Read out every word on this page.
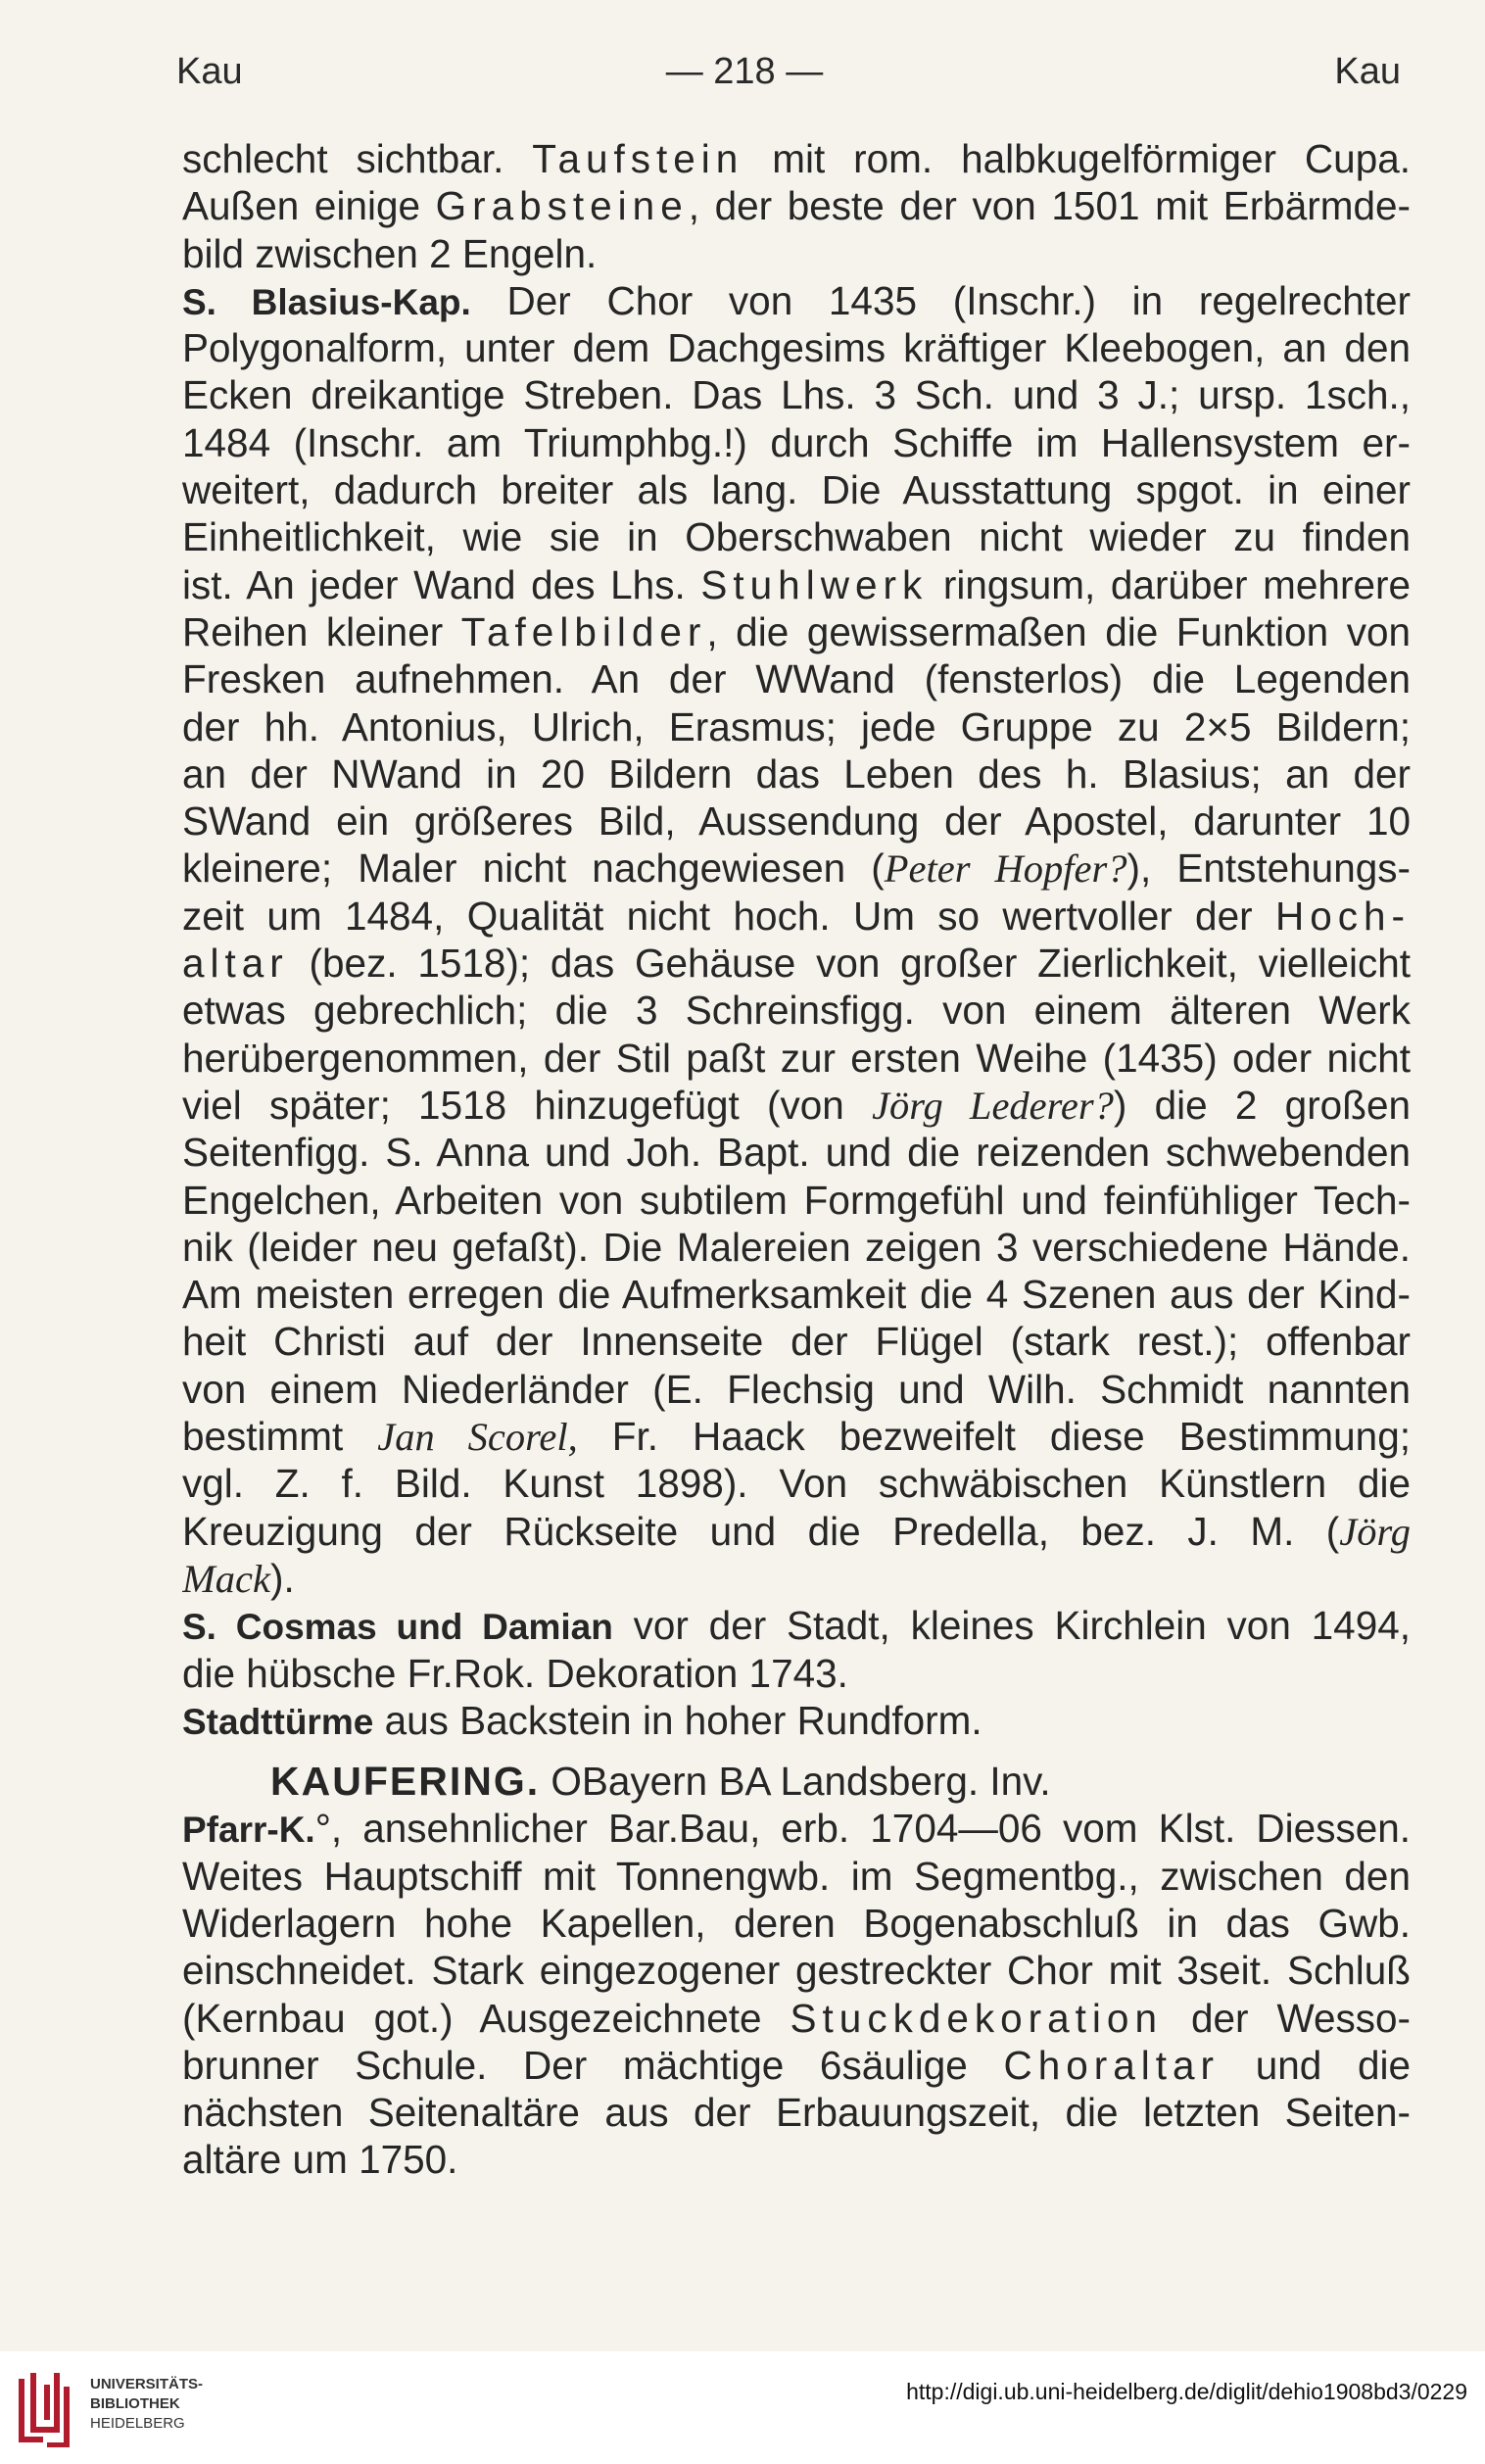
Kau	— 218 —	Kau
schlecht sichtbar. Taufstein mit rom. halbkugelförmiger Cupa.
Außen einige Grabsteine, der beste der von 1501 mit Erbärmde-
bild zwischen 2 Engeln.
S. Blasius-Kap. Der Chor von 1435 (Inschr.) in regelrechter
Polygonalform, unter dem Dachgesims kräftiger Kleebogen, an den
Ecken dreikantige Streben. Das Lhs. 3 Sch. und 3 J.; ursp. 1sch.,
1484 (Inschr. am Triumphbg.!) durch Schiffe im Hallensystem er-
weitert, dadurch breiter als lang. Die Ausstattung spgot. in einer
Einheitlichkeit, wie sie in Oberschwaben nicht wieder zu finden
ist. An jeder Wand des Lhs. Stuhlwerk ringsum, darüber mehrere
Reihen kleiner Tafelbilder, die gewissermaßen die Funktion von
Fresken aufnehmen. An der WWand (fensterlos) die Legenden
der hh. Antonius, Ulrich, Erasmus; jede Gruppe zu 2×5 Bildern;
an der NWand in 20 Bildern das Leben des h. Blasius; an der
SWand ein größeres Bild, Aussendung der Apostel, darunter 10
kleinere; Maler nicht nachgewiesen (Peter Hopfer?), Entstehungs-
zeit um 1484, Qualität nicht hoch. Um so wertvoller der Hoch-
altar (bez. 1518); das Gehäuse von großer Zierlichkeit, vielleicht
etwas gebrechlich; die 3 Schreinsfigg. von einem älteren Werk
herübergenommen, der Stil paßt zur ersten Weihe (1435) oder nicht
viel später; 1518 hinzugefügt (von Jörg Lederer?) die 2 großen
Seitenfigg. S. Anna und Joh. Bapt. und die reizenden schwebenden
Engelchen, Arbeiten von subtilem Formgefühl und feinfühliger Tech-
nik (leider neu gefaßt). Die Malereien zeigen 3 verschiedene Hände.
Am meisten erregen die Aufmerksamkeit die 4 Szenen aus der Kind-
heit Christi auf der Innenseite der Flügel (stark rest.); offenbar
von einem Niederländer (E. Flechsig und Wilh. Schmidt nannten
bestimmt Jan Scorel, Fr. Haack bezweifelt diese Bestimmung;
vgl. Z. f. Bild. Kunst 1898). Von schwäbischen Künstlern die
Kreuzigung der Rückseite und die Predella, bez. J. M. (Jörg
Mack).
S. Cosmas und Damian vor der Stadt, kleines Kirchlein von 1494,
die hübsche Fr.Rok. Dekoration 1743.
Stadttürme aus Backstein in hoher Rundform.
KAUFERING. OBayern BA Landsberg. Inv.
Pfarr-K.°, ansehnlicher Bar.Bau, erb. 1704—06 vom Klst. Diessen.
Weites Hauptschiff mit Tonnengwb. im Segmentbg., zwischen den
Widerlagern hohe Kapellen, deren Bogenabschluß in das Gwb.
einschneidet. Stark eingezogener gestreckter Chor mit 3seit. Schluß
(Kernbau got.) Ausgezeichnete Stuckdekoration der Wesso-
brunner Schule. Der mächtige 6säulige Choraltar und die
nächsten Seitenaltäre aus der Erbauungszeit, die letzten Seiten-
altäre um 1750.
UNIVERSITÄTS-
BIBLIOTHEK
HEIDELBERG
http://digi.ub.uni-heidelberg.de/diglit/dehio1908bd3/0229
